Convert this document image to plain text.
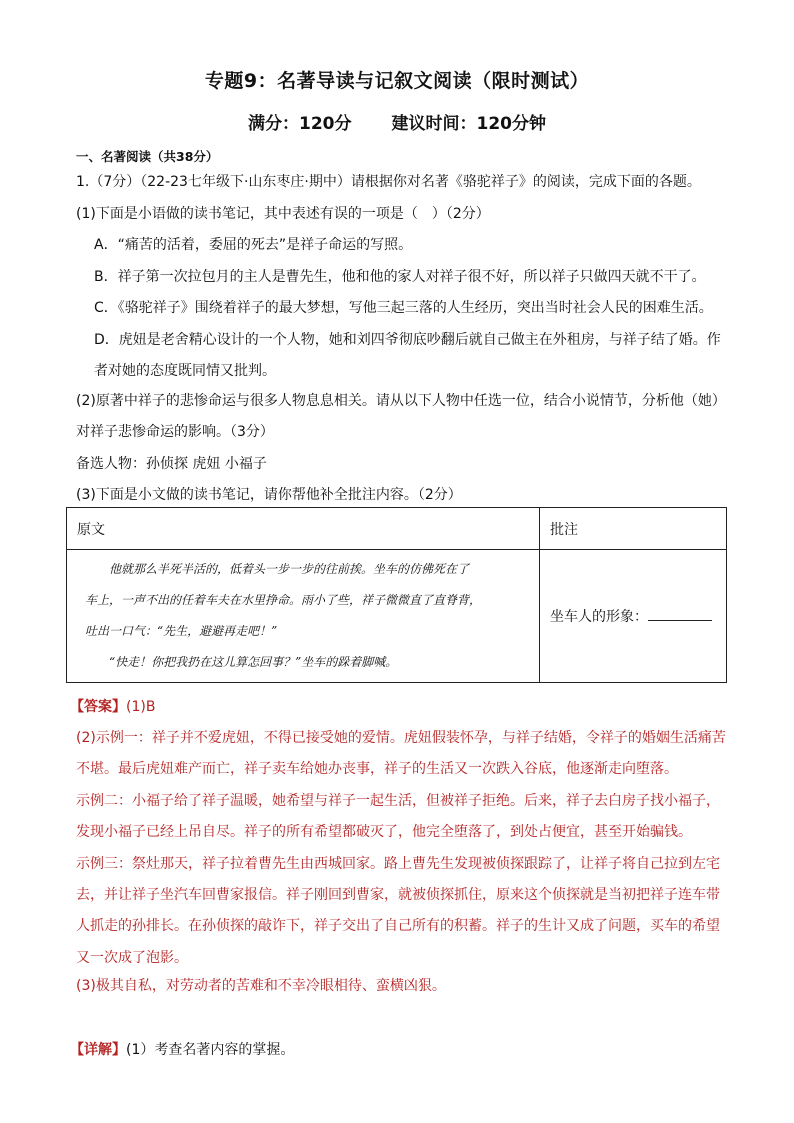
专题9：名著导读与记叙文阅读（限时测试）
满分：120分 建议时间：120分钟
一、名著阅读（共38分）
1.（7分）（22-23七年级下·山东枣庄·期中）请根据你对名著《骆驼祥子》的阅读，完成下面的各题。
(1)下面是小语做的读书笔记，其中表述有误的一项是（　）（2分）
A．“痛苦的活着，委屈的死去”是祥子命运的写照。
B．祥子第一次拉包月的主人是曹先生，他和他的家人对祥子很不好，所以祥子只做四天就不干了。
C．《骆驼祥子》围绕着祥子的最大梦想，写他三起三落的人生经历，突出当时社会人民的困难生活。
D．虎妞是老舍精心设计的一个人物，她和刘四爷彻底吵翻后就自己做主在外租房，与祥子结了婚。作
者对她的态度既同情又批判。
(2)原著中祥子的悲惨命运与很多人物息息相关。请从以下人物中任选一位，结合小说情节，分析他（她）
对祥子悲惨命运的影响。（3分）
备选人物：孙侦探 虎妞 小福子
(3)下面是小文做的读书笔记，请你帮他补全批注内容。（2分）
原文	批注

他就那么半死半活的，低着头一步一步的往前挨。坐车的仿佛死在了

车上，一声不出的任着车夫在水里挣命。雨小了些，祥子微微直了直脊背，

吐出一口气：“先生，避避再走吧！”

“快走！你把我扔在这儿算怎回事？”坐车的跺着脚喊。	坐车人的形象：
【答案】(1)B
(2)示例一：祥子并不爱虎妞，不得已接受她的爱情。虎妞假装怀孕，与祥子结婚，令祥子的婚姻生活痛苦
不堪。最后虎妞难产而亡，祥子卖车给她办丧事，祥子的生活又一次跌入谷底，他逐渐走向堕落。
示例二：小福子给了祥子温暖，她希望与祥子一起生活，但被祥子拒绝。后来，祥子去白房子找小福子，
发现小福子已经上吊自尽。祥子的所有希望都破灭了，他完全堕落了，到处占便宜，甚至开始骗钱。
示例三：祭灶那天，祥子拉着曹先生由西城回家。路上曹先生发现被侦探跟踪了，让祥子将自己拉到左宅
去，并让祥子坐汽车回曹家报信。祥子刚回到曹家，就被侦探抓住，原来这个侦探就是当初把祥子连车带
人抓走的孙排长。在孙侦探的敲诈下，祥子交出了自己所有的积蓄。祥子的生计又成了问题，买车的希望
又一次成了泡影。
(3)极其自私，对劳动者的苦难和不幸冷眼相待、蛮横凶狠。
【详解】(1）考查名著内容的掌握。
